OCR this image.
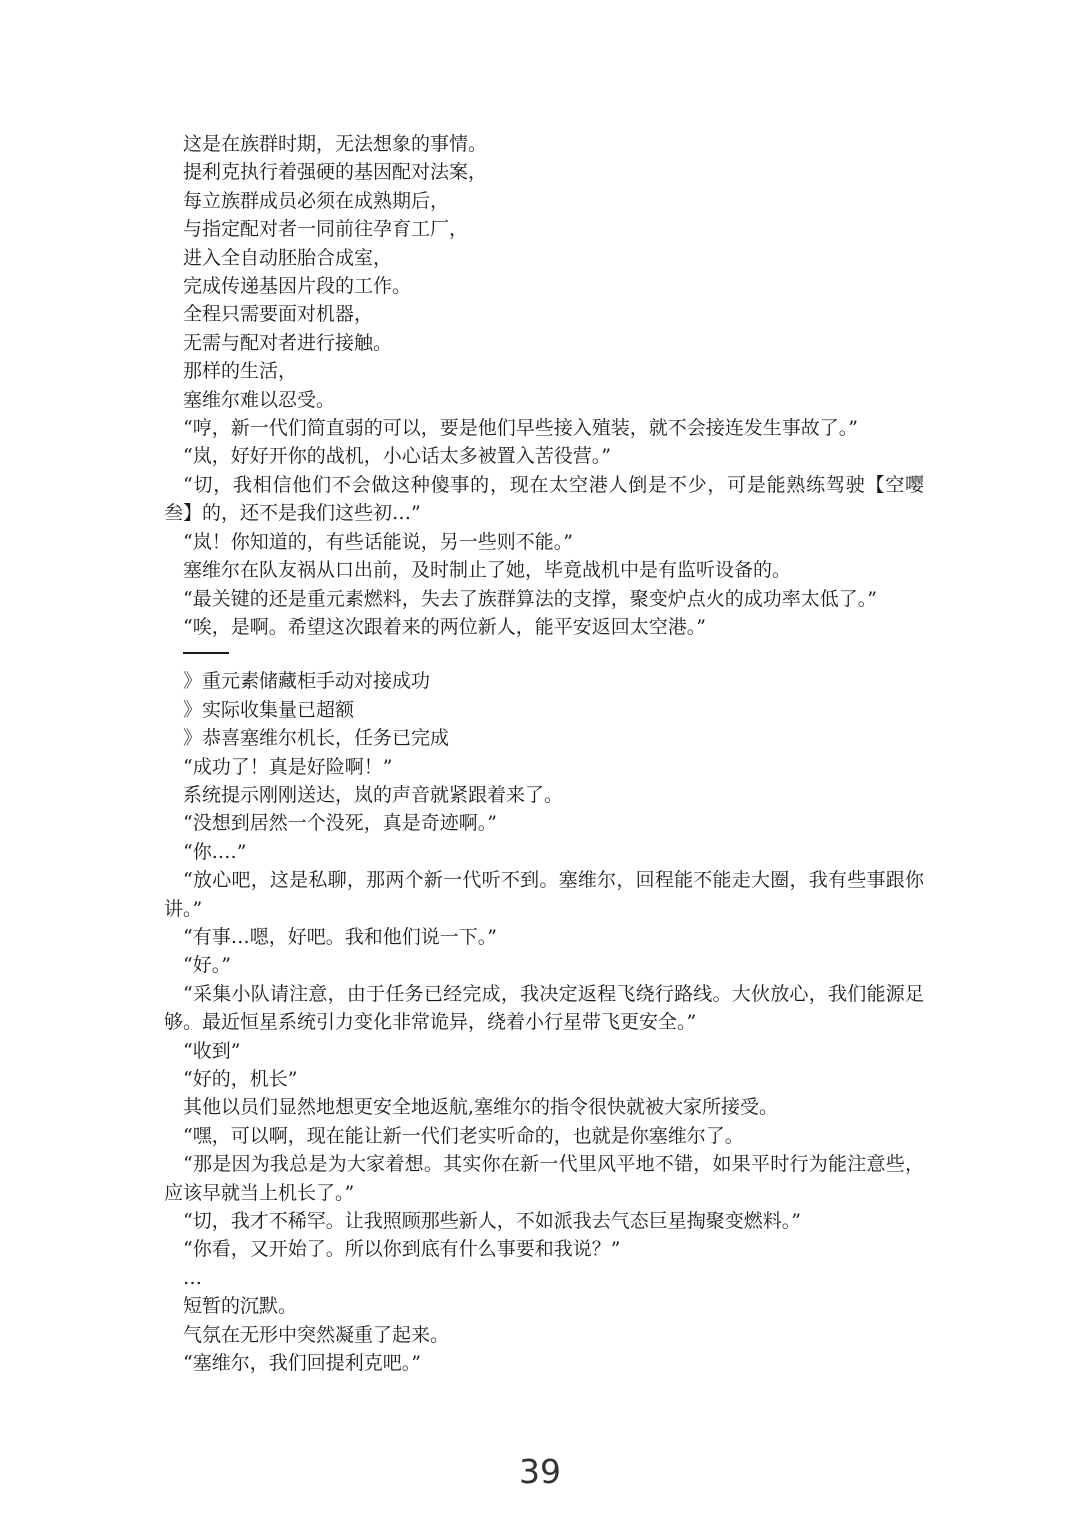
这是在族群时期，无法想象的事情。

提利克执行着强硬的基因配对法案，

每立族群成员必须在成熟期后，

与指定配对者一同前往孕育工厂，

进入全自动胚胎合成室，

完成传递基因片段的工作。

全程只需要面对机器，

无需与配对者进行接触。

那样的生活，

塞维尔难以忍受。

“哼，新一代们简直弱的可以，要是他们早些接入殖装，就不会接连发生事故了。”

“岚，好好开你的战机，小心话太多被置入苦役营。”

“切，我相信他们不会做这种傻事的，现在太空港人倒是不少，可是能熟练驾驶【空嘤叁】的，还不是我们这些初…”

“岚！你知道的，有些话能说，另一些则不能。”

塞维尔在队友祸从口出前，及时制止了她，毕竟战机中是有监听设备的。

“最关键的还是重元素燃料，失去了族群算法的支撑，聚变炉点火的成功率太低了。”

“唉，是啊。希望这次跟着来的两位新人，能平安返回太空港。”

》重元素储藏柜手动对接成功

》实际收集量已超额

》恭喜塞维尔机长，任务已完成

“成功了！真是好险啊！”

系统提示刚刚送达，岚的声音就紧跟着来了。

“没想到居然一个没死，真是奇迹啊。”

“你.…”

“放心吧，这是私聊，那两个新一代听不到。塞维尔，回程能不能走大圈，我有些事跟你讲。”

“有事…嗯，好吧。我和他们说一下。”

“好。”

“采集小队请注意，由于任务已经完成，我决定返程飞绕行路线。大伙放心，我们能源足够。最近恒星系统引力变化非常诡异，绕着小行星带飞更安全。”

“收到”

“好的，机长”

其他以员们显然地想更安全地返航,塞维尔的指令很快就被大家所接受。

“嘿，可以啊，现在能让新一代们老实听命的，也就是你塞维尔了。

“那是因为我总是为大家着想。其实你在新一代里风平地不错，如果平时行为能注意些，应该早就当上机长了。”

“切，我才不稀罕。让我照顾那些新人，不如派我去气态巨星掏聚变燃料。”

“你看，又开始了。所以你到底有什么事要和我说？”

…

短暂的沉默。

气氛在无形中突然凝重了起来。

“塞维尔，我们回提利克吧。”

39
